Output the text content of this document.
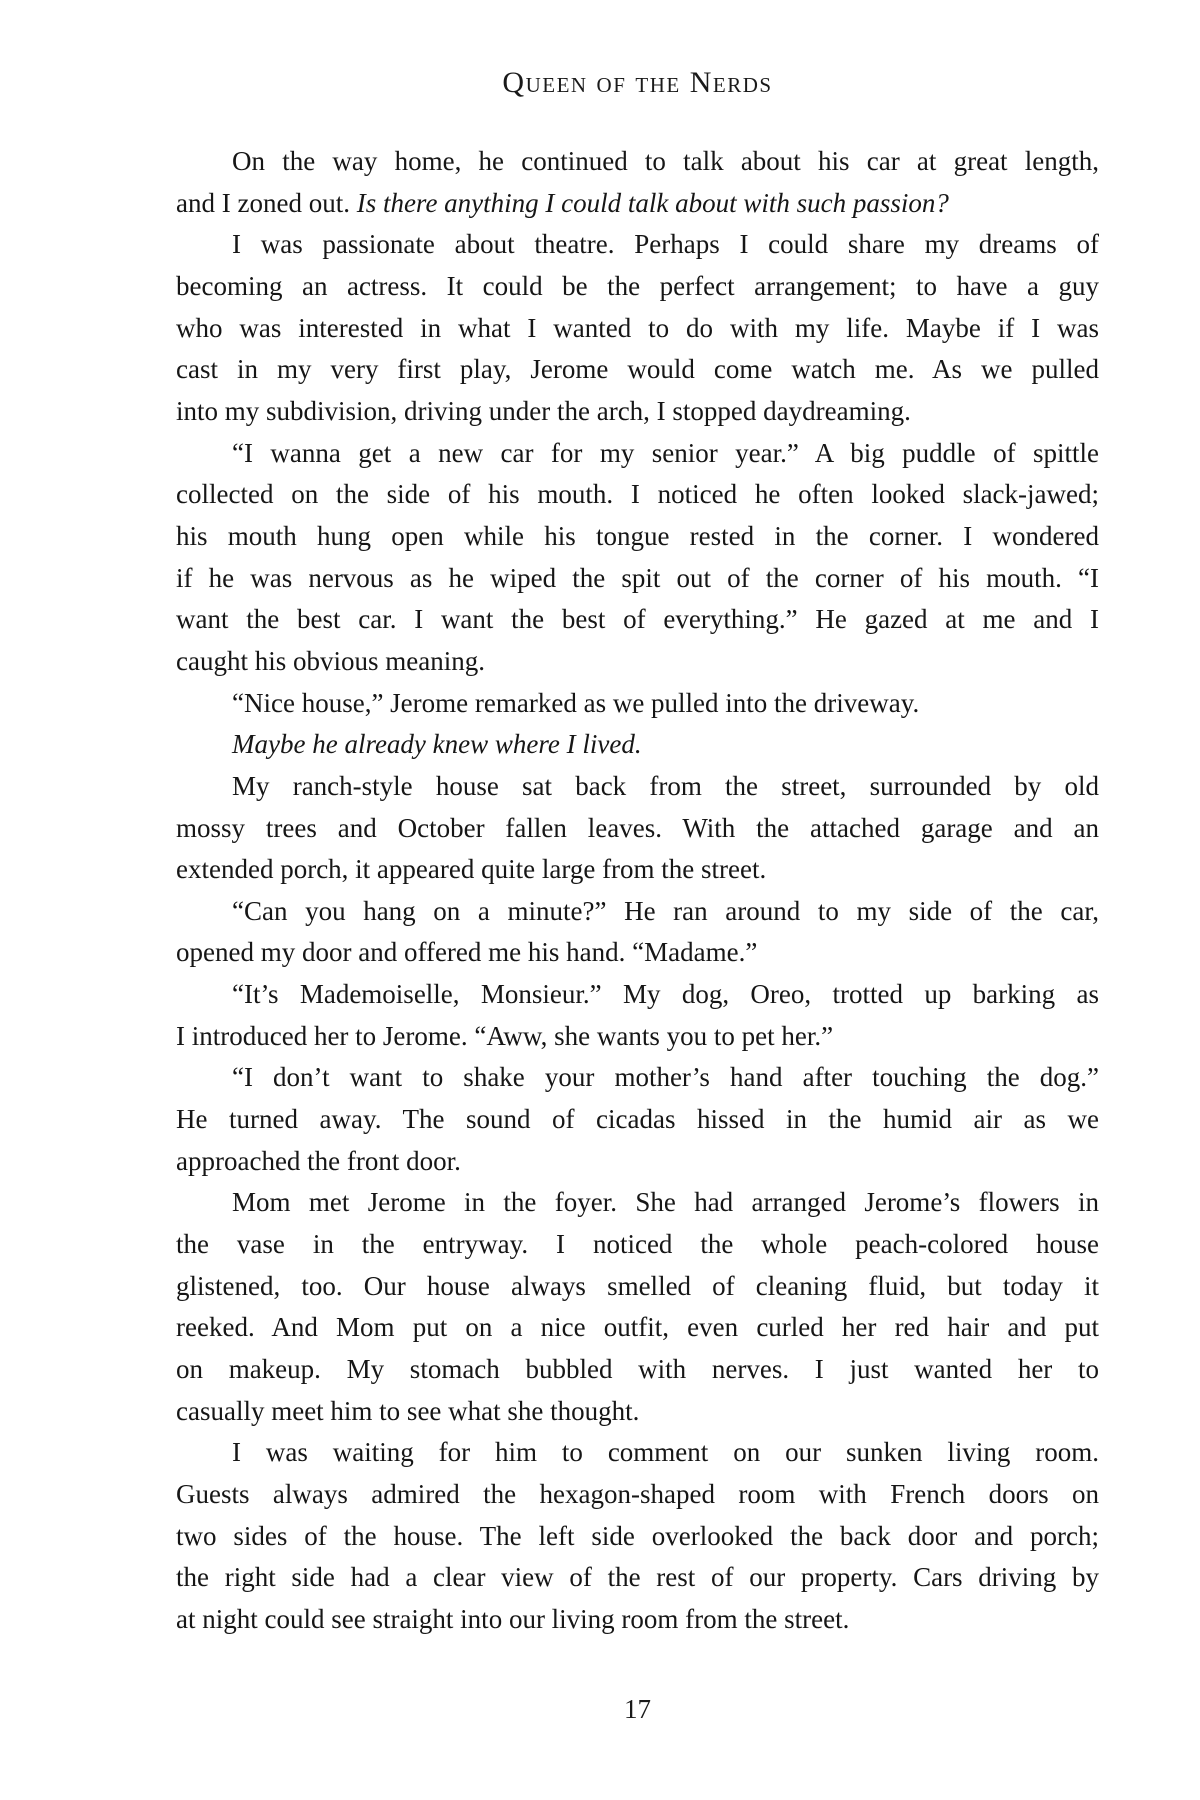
Queen of the Nerds
On the way home, he continued to talk about his car at great length,
and I zoned out. Is there anything I could talk about with such passion?
I was passionate about theatre. Perhaps I could share my dreams of
becoming an actress. It could be the perfect arrangement; to have a guy
who was interested in what I wanted to do with my life. Maybe if I was
cast in my very first play, Jerome would come watch me. As we pulled
into my subdivision, driving under the arch, I stopped daydreaming.
“I wanna get a new car for my senior year.” A big puddle of spittle
collected on the side of his mouth. I noticed he often looked slack-jawed;
his mouth hung open while his tongue rested in the corner. I wondered
if he was nervous as he wiped the spit out of the corner of his mouth. “I
want the best car. I want the best of everything.” He gazed at me and I
caught his obvious meaning.
“Nice house,” Jerome remarked as we pulled into the driveway.
Maybe he already knew where I lived.
My ranch-style house sat back from the street, surrounded by old
mossy trees and October fallen leaves. With the attached garage and an
extended porch, it appeared quite large from the street.
“Can you hang on a minute?” He ran around to my side of the car,
opened my door and offered me his hand. “Madame.”
“It’s Mademoiselle, Monsieur.” My dog, Oreo, trotted up barking as
I introduced her to Jerome. “Aww, she wants you to pet her.”
“I don’t want to shake your mother’s hand after touching the dog.”
He turned away. The sound of cicadas hissed in the humid air as we
approached the front door.
Mom met Jerome in the foyer. She had arranged Jerome’s flowers in
the vase in the entryway. I noticed the whole peach-colored house
glistened, too. Our house always smelled of cleaning fluid, but today it
reeked. And Mom put on a nice outfit, even curled her red hair and put
on makeup. My stomach bubbled with nerves. I just wanted her to
casually meet him to see what she thought.
I was waiting for him to comment on our sunken living room.
Guests always admired the hexagon-shaped room with French doors on
two sides of the house. The left side overlooked the back door and porch;
the right side had a clear view of the rest of our property. Cars driving by
at night could see straight into our living room from the street.
17
